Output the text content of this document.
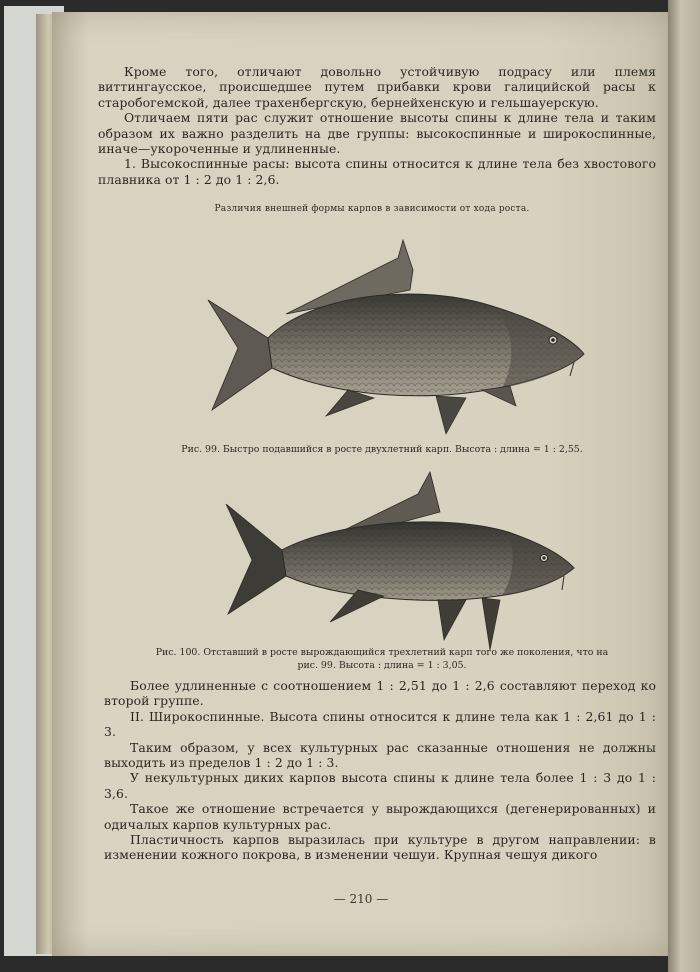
Кроме того, отличают довольно устойчивую подрасу или племя виттингаусское, происшедшее путем прибавки крови галицийской расы к старобогемской, далее трахенбергскую, бернейхенскую и гельшауерскую.

Отличаем пяти рас служит отношение высоты спины к длине тела и таким образом их важно разделить на две группы: высокоспинные и широкоспинные, иначе—укороченные и удлиненные.

1. Высокоспинные расы: высота спины относится к длине тела без хвостового плавника от 1 : 2 до 1 : 2,6.

Различия внешней формы карпов в зависимости от хода роста.
Рис. 99. Быстро подавшийся в росте двухлетний карп. Высота : длина = 1 : 2,55.
Рис. 100. Отставший в росте вырождающийся трехлетний карп того же поколения, что на
рис. 99. Высота : длина = 1 : 3,05.

Более удлиненные с соотношением 1 : 2,51 до 1 : 2,6 составляют переход ко второй группе.

II. Широкоспинные. Высота спины относится к длине тела как 1 : 2,61 до 1 : 3.

Таким образом, у всех культурных рас сказанные отношения не должны выходить из пределов 1 : 2 до 1 : 3.

У некультурных диких карпов высота спины к длине тела более 1 : 3 до 1 : 3,6.

Такое же отношение встречается у вырождающихся (дегенерированных) и одичалых карпов культурных рас.

Пластичность карпов выразилась при культуре в другом направлении: в изменении кожного покрова, в изменении чешуи. Крупная чешуя дикого

— 210 —
